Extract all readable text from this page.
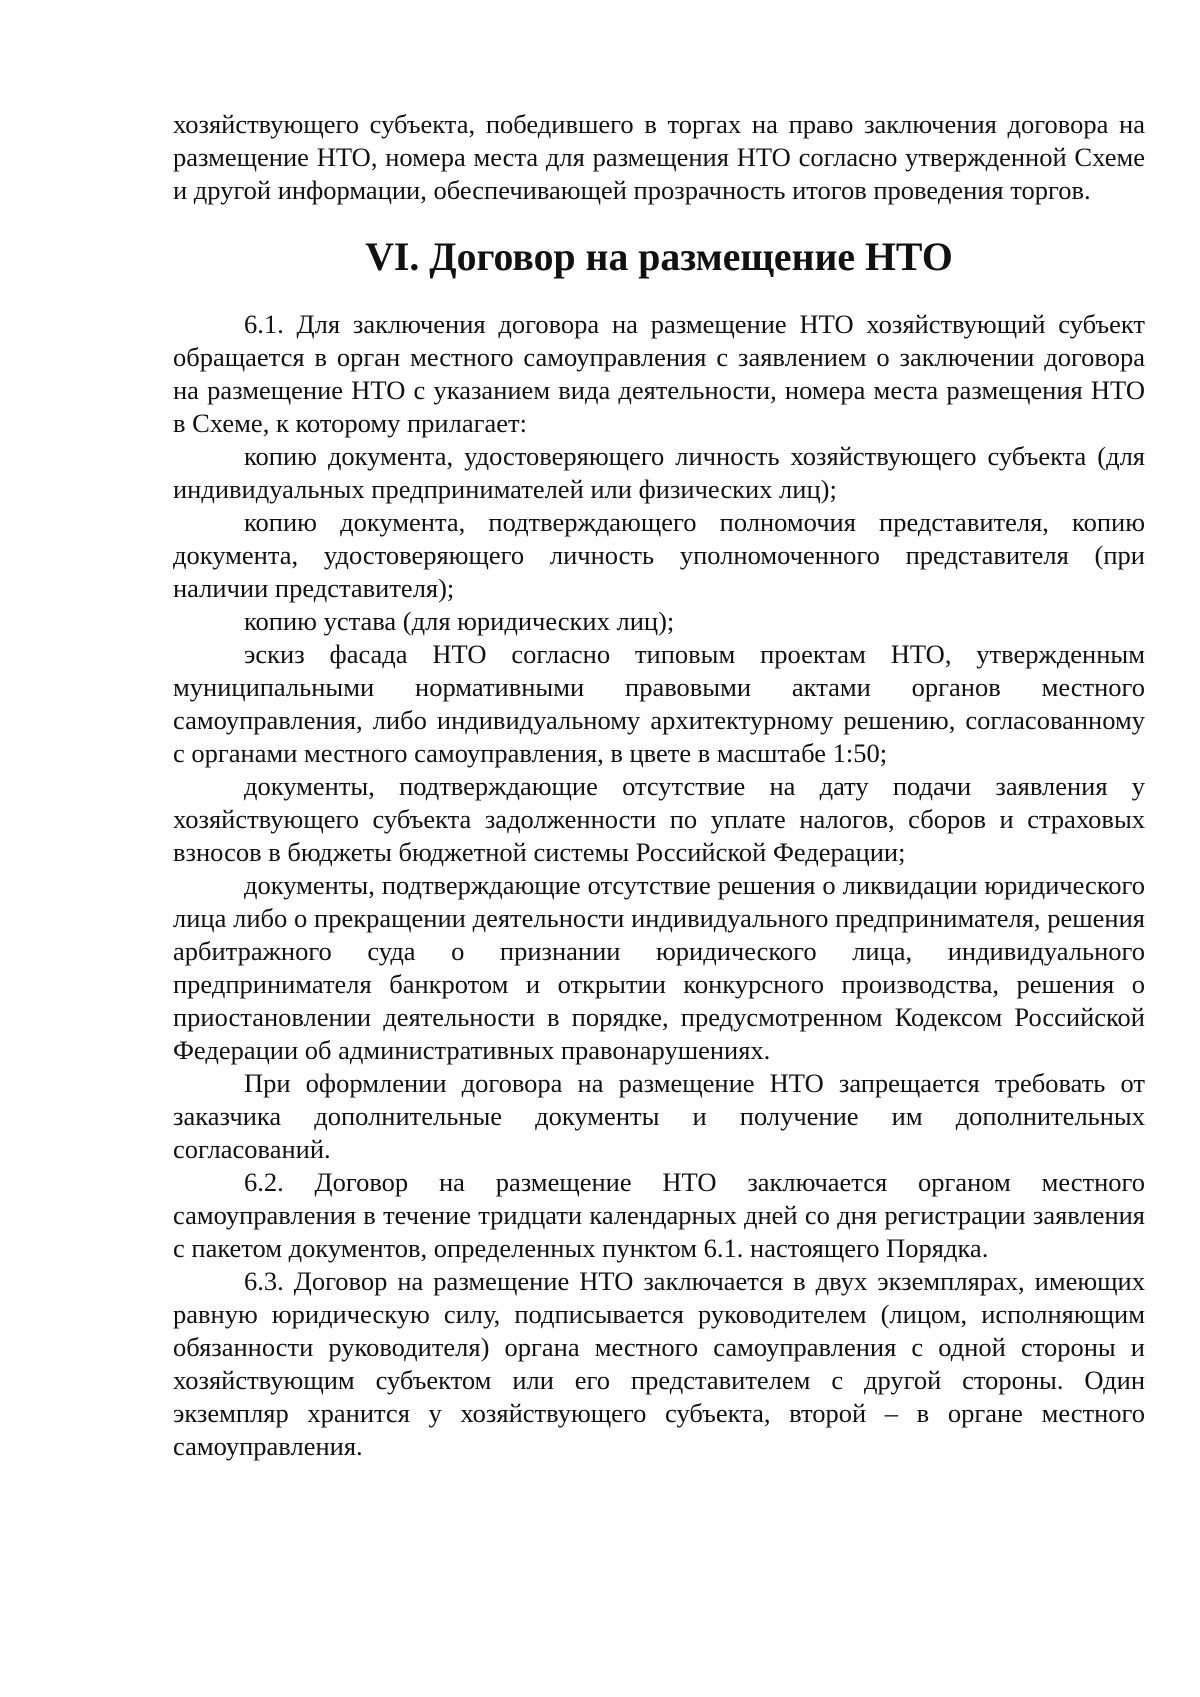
хозяйствующего субъекта, победившего в торгах на право заключения договора на размещение НТО, номера места для размещения НТО согласно утвержденной Схеме и другой информации, обеспечивающей прозрачность итогов проведения торгов.

VI. Договор на размещение НТО

6.1. Для заключения договора на размещение НТО хозяйствующий субъект обращается в орган местного самоуправления с заявлением о заключении договора на размещение НТО с указанием вида деятельности, номера места размещения НТО в Схеме, к которому прилагает:

копию документа, удостоверяющего личность хозяйствующего субъекта (для индивидуальных предпринимателей или физических лиц);

копию документа, подтверждающего полномочия представителя, копию документа, удостоверяющего личность уполномоченного представителя (при наличии представителя);

копию устава (для юридических лиц);

эскиз фасада НТО согласно типовым проектам НТО, утвержденным муниципальными нормативными правовыми актами органов местного самоуправления, либо индивидуальному архитектурному решению, согласованному с органами местного самоуправления, в цвете в масштабе 1:50;

документы, подтверждающие отсутствие на дату подачи заявления у хозяйствующего субъекта задолженности по уплате налогов, сборов и страховых взносов в бюджеты бюджетной системы Российской Федерации;

документы, подтверждающие отсутствие решения о ликвидации юридического лица либо о прекращении деятельности индивидуального предпринимателя, решения арбитражного суда о признании юридического лица, индивидуального предпринимателя банкротом и открытии конкурсного производства, решения о приостановлении деятельности в порядке, предусмотренном Кодексом Российской Федерации об административных правонарушениях.

При оформлении договора на размещение НТО запрещается требовать от заказчика дополнительные документы и получение им дополнительных согласований.

6.2. Договор на размещение НТО заключается органом местного самоуправления в течение тридцати календарных дней со дня регистрации заявления с пакетом документов, определенных пунктом 6.1. настоящего Порядка.

6.3. Договор на размещение НТО заключается в двух экземплярах, имеющих равную юридическую силу, подписывается руководителем (лицом, исполняющим обязанности руководителя) органа местного самоуправления с одной стороны и хозяйствующим субъектом или его представителем с другой стороны. Один экземпляр хранится у хозяйствующего субъекта, второй – в органе местного самоуправления.
